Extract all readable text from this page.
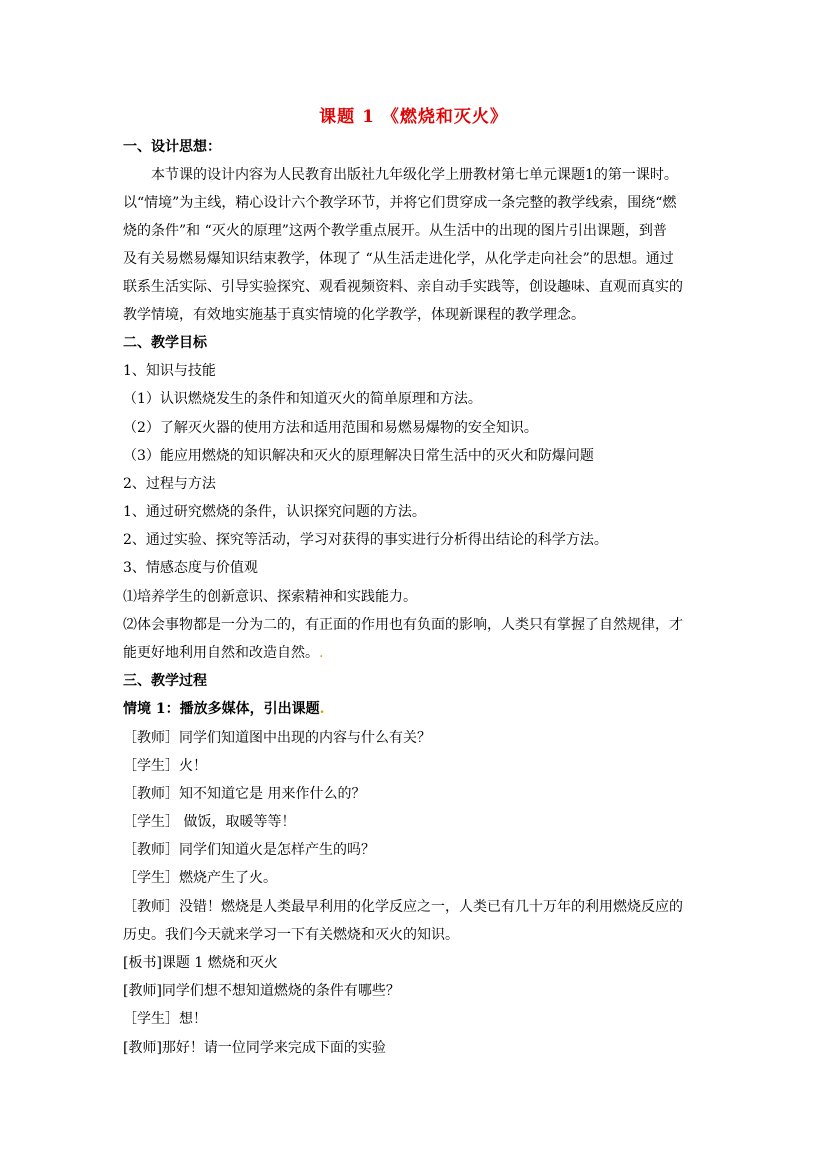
课题 1 《燃烧和灭火》
一、设计思想：
本节课的设计内容为人民教育出版社九年级化学上册教材第七单元课题1的第一课时。
以“情境”为主线，精心设计六个教学环节，并将它们贯穿成一条完整的教学线索，围绕“燃
烧的条件”和 “灭火的原理”这两个教学重点展开。从生活中的出现的图片引出课题，到普
及有关易燃易爆知识结束教学，体现了 “从生活走进化学，从化学走向社会”的思想。通过
联系生活实际、引导实验探究、观看视频资料、亲自动手实践等，创设趣味、直观而真实的
教学情境，有效地实施基于真实情境的化学教学，体现新课程的教学理念。
二、教学目标
1、知识与技能
（1）认识燃烧发生的条件和知道灭火的简单原理和方法。
（2）了解灭火器的使用方法和适用范围和易燃易爆物的安全知识。
（3）能应用燃烧的知识解决和灭火的原理解决日常生活中的灭火和防爆问题
2、过程与方法
1、通过研究燃烧的条件，认识探究问题的方法。
2、通过实验、探究等活动，学习对获得的事实进行分析得出结论的科学方法。
3、情感态度与价值观
⑴培养学生的创新意识、探索精神和实践能力。
⑵体会事物都是一分为二的，有正面的作用也有负面的影响，人类只有掌握了自然规律，才
能更好地利用自然和改造自然。.
三、教学过程
情境 1：播放多媒体，引出课题.
［教师］同学们知道图中出现的内容与什么有关？
［学生］火！
［教师］知不知道它是 用来作什么的？
［学生］ 做饭，取暖等等！
［教师］同学们知道火是怎样产生的吗？
［学生］燃烧产生了火。
［教师］没错！燃烧是人类最早利用的化学反应之一，人类已有几十万年的利用燃烧反应的
历史。我们今天就来学习一下有关燃烧和灭火的知识。
[板书]课题 1 燃烧和灭火
[教师]同学们想不想知道燃烧的条件有哪些？
［学生］想！
[教师]那好！请一位同学来完成下面的实验
